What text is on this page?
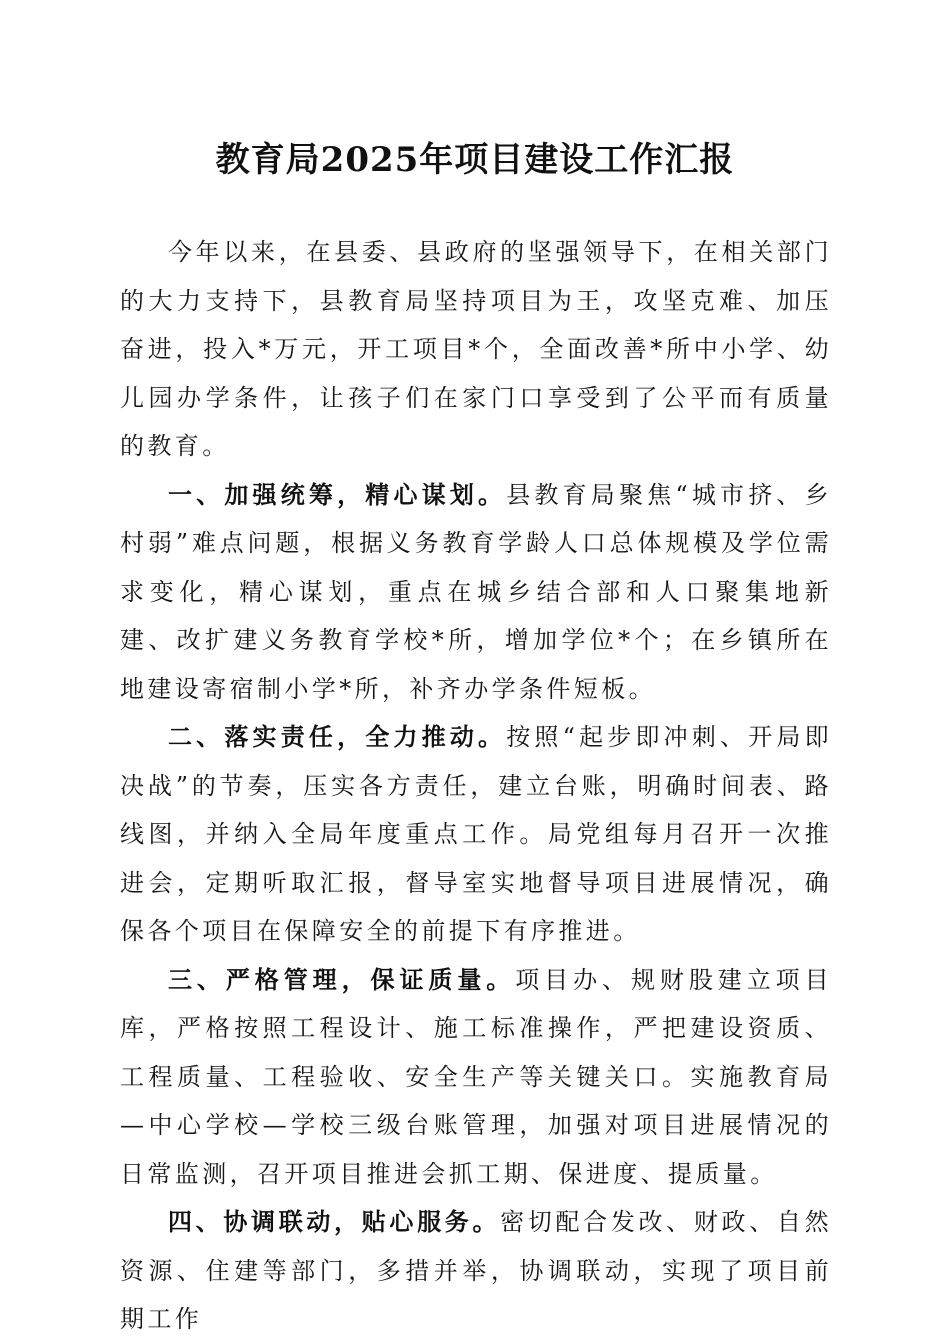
教育局2025年项目建设工作汇报

今年以来，在县委、县政府的坚强领导下，在相关部门的大力支持下，县教育局坚持项目为王，攻坚克难、加压奋进，投入*万元，开工项目*个，全面改善*所中小学、幼儿园办学条件，让孩子们在家门口享受到了公平而有质量的教育。

一、加强统筹，精心谋划。县教育局聚焦“城市挤、乡村弱”难点问题，根据义务教育学龄人口总体规模及学位需求变化，精心谋划，重点在城乡结合部和人口聚集地新建、改扩建义务教育学校*所，增加学位*个；在乡镇所在地建设寄宿制小学*所，补齐办学条件短板。

二、落实责任，全力推动。按照“起步即冲刺、开局即决战”的节奏，压实各方责任，建立台账，明确时间表、路线图，并纳入全局年度重点工作。局党组每月召开一次推进会，定期听取汇报，督导室实地督导项目进展情况，确保各个项目在保障安全的前提下有序推进。

三、严格管理，保证质量。项目办、规财股建立项目库，严格按照工程设计、施工标准操作，严把建设资质、工程质量、工程验收、安全生产等关键关口。实施教育局—中心学校—学校三级台账管理，加强对项目进展情况的日常监测，召开项目推进会抓工期、保进度、提质量。

四、协调联动，贴心服务。密切配合发改、财政、自然资源、住建等部门，多措并举，协调联动，实现了项目前期工作
